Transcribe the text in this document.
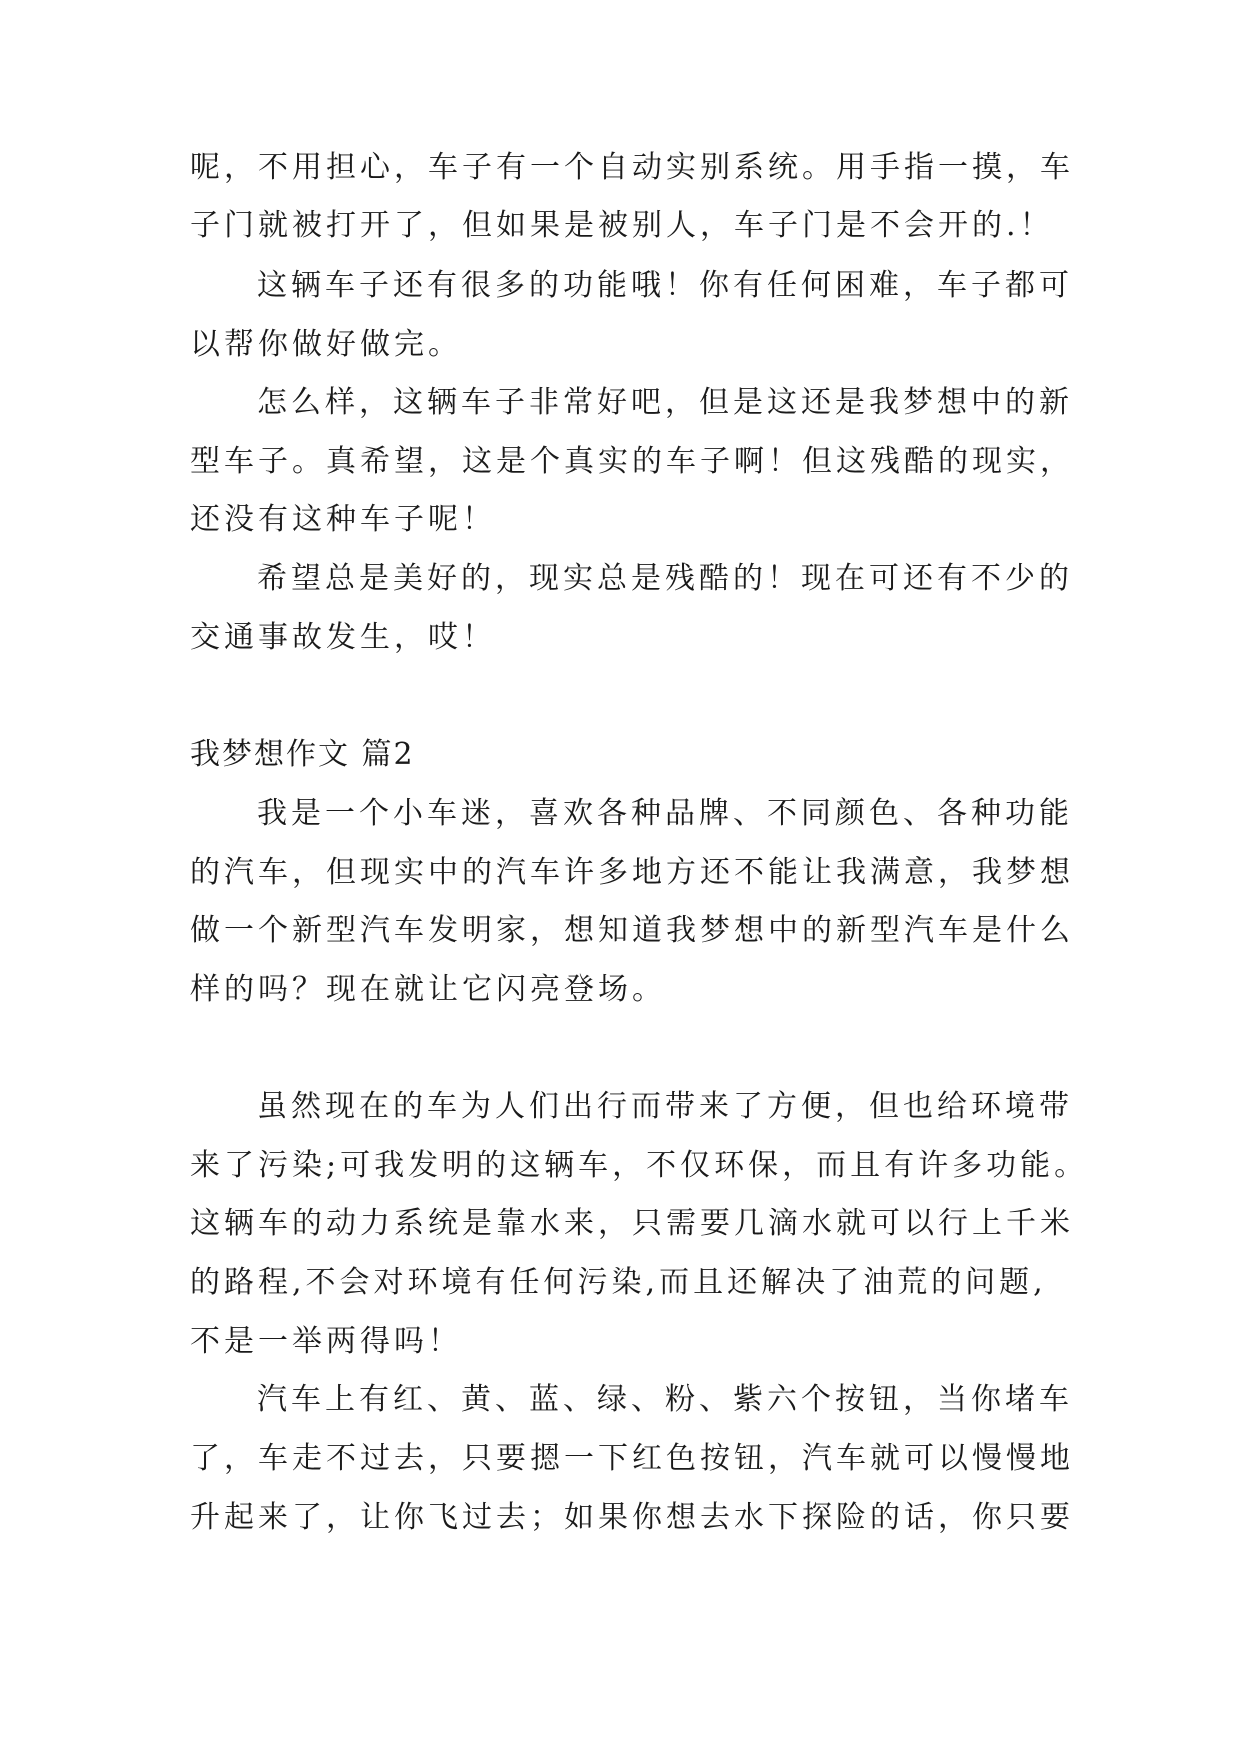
呢，不用担心，车子有一个自动实别系统。用手指一摸，车
子门就被打开了，但如果是被别人，车子门是不会开的.！
这辆车子还有很多的功能哦！你有任何困难，车子都可
以帮你做好做完。
怎么样，这辆车子非常好吧，但是这还是我梦想中的新
型车子。真希望，这是个真实的车子啊！但这残酷的现实，
还没有这种车子呢！
希望总是美好的，现实总是残酷的！现在可还有不少的
交通事故发生，哎！
我梦想作文 篇2
我是一个小车迷，喜欢各种品牌、不同颜色、各种功能
的汽车，但现实中的汽车许多地方还不能让我满意，我梦想
做一个新型汽车发明家，想知道我梦想中的新型汽车是什么
样的吗？现在就让它闪亮登场。
虽然现在的车为人们出行而带来了方便，但也给环境带
来了污染;可我发明的这辆车，不仅环保，而且有许多功能。
这辆车的动力系统是靠水来，只需要几滴水就可以行上千米
的路程,不会对环境有任何污染,而且还解决了油荒的问题,
不是一举两得吗！
汽车上有红、黄、蓝、绿、粉、紫六个按钮，当你堵车
了，车走不过去，只要摁一下红色按钮，汽车就可以慢慢地
升起来了，让你飞过去；如果你想去水下探险的话，你只要
